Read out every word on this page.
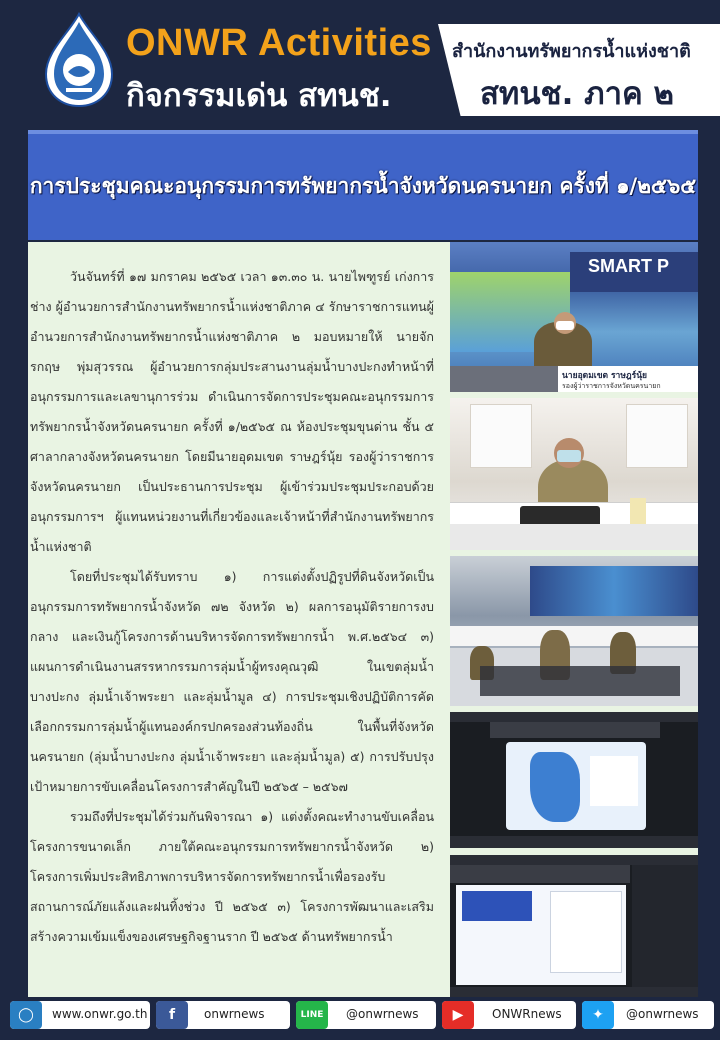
ONWR Activities
กิจกรรมเด่น สทนช.
สำนักงานทรัพยากรน้ำแห่งชาติ
สทนช. ภาค ๒
การประชุมคณะอนุกรรมการทรัพยากรน้ำจังหวัดนครนายก ครั้งที่ ๑/๒๕๖๕

วันจันทร์ที่ ๑๗ มกราคม ๒๕๖๕ เวลา ๑๓.๓๐ น. นายไพฑูรย์ เก่งการช่าง ผู้อำนวยการสำนักงานทรัพยากรน้ำแห่งชาติภาค ๔ รักษาราชการแทนผู้อำนวยการสำนักงานทรัพยากรน้ำแห่งชาติภาค ๒ มอบหมายให้ นายจักรกฤษ พุ่มสุวรรณ ผู้อำนวยการกลุ่มประสานงานลุ่มน้ำบางปะกงทำหน้าที่อนุกรรมการและเลขานุการร่วม ดำเนินการจัดการประชุมคณะอนุกรรมการทรัพยากรน้ำจังหวัดนครนายก ครั้งที่ ๑/๒๕๖๕ ณ ห้องประชุมขุนด่าน ชั้น ๕ ศาลากลางจังหวัดนครนายก โดยมีนายอุดมเขต ราษฎร์นุ้ย รองผู้ว่าราชการจังหวัดนครนายก เป็นประธานการประชุม ผู้เข้าร่วมประชุมประกอบด้วย อนุกรรมการฯ ผู้แทนหน่วยงานที่เกี่ยวข้องและเจ้าหน้าที่สำนักงานทรัพยากรน้ำแห่งชาติ

โดยที่ประชุมได้รับทราบ ๑) การแต่งตั้งปฏิรูปที่ดินจังหวัดเป็นอนุกรรมการทรัพยากรน้ำจังหวัด ๗๒ จังหวัด ๒) ผลการอนุมัติรายการงบกลาง และเงินกู้โครงการด้านบริหารจัดการทรัพยากรน้ำ พ.ศ.๒๕๖๔ ๓) แผนการดำเนินงานสรรหากรรมการลุ่มน้ำผู้ทรงคุณวุฒิ ในเขตลุ่มน้ำบางปะกง ลุ่มน้ำเจ้าพระยา และลุ่มน้ำมูล ๔) การประชุมเชิงปฏิบัติการคัดเลือกกรรมการลุ่มน้ำผู้แทนองค์กรปกครองส่วนท้องถิ่น ในพื้นที่จังหวัดนครนายก (ลุ่มน้ำบางปะกง ลุ่มน้ำเจ้าพระยา และลุ่มน้ำมูล) ๕) การปรับปรุงเป้าหมายการขับเคลื่อนโครงการสำคัญในปี ๒๕๖๕ – ๒๕๖๗

รวมถึงที่ประชุมได้ร่วมกันพิจารณา ๑) แต่งตั้งคณะทำงานขับเคลื่อนโครงการขนาดเล็ก ภายใต้คณะอนุกรรมการทรัพยากรน้ำจังหวัด ๒) โครงการเพิ่มประสิทธิภาพการบริหารจัดการทรัพยากรน้ำเพื่อรองรับสถานการณ์ภัยแล้งและฝนทิ้งช่วง ปี ๒๕๖๕ ๓) โครงการพัฒนาและเสริมสร้างความเข้มแข็งของเศรษฐกิจฐานราก ปี ๒๕๖๕ ด้านทรัพยากรน้ำ

SMART P
นายอุดมเขต ราษฎร์นุ้ย
รองผู้ว่าราชการจังหวัดนครนายก
◯	www.onwr.go.th	f	onwrnews	LINE	@onwrnews	▶	ONWRnews	✦	@onwrnews
